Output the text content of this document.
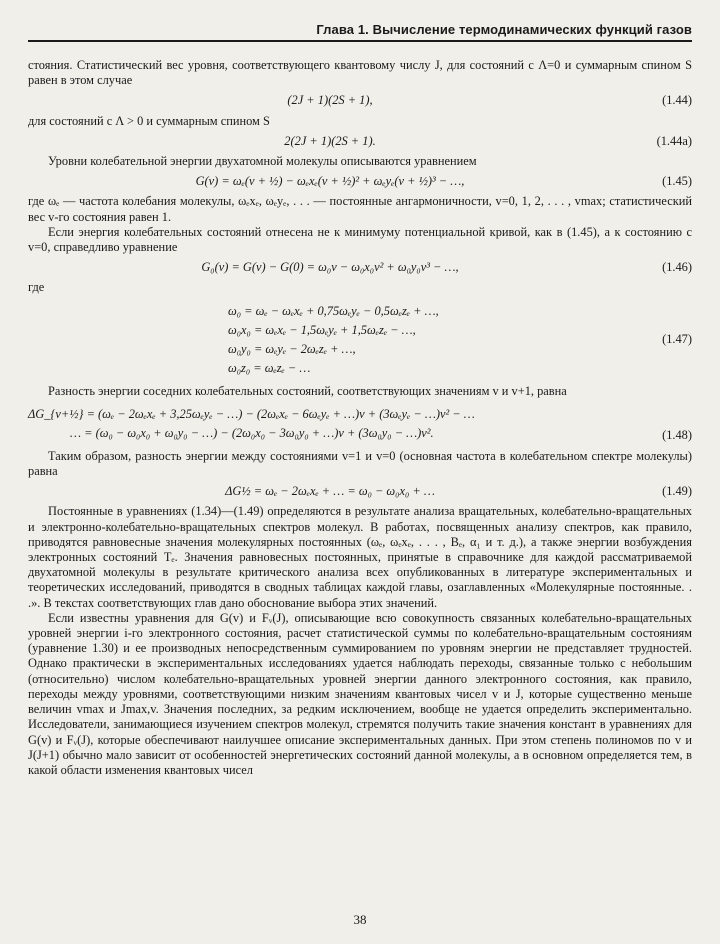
Глава 1. Вычисление термодинамических функций газов

стояния. Статистический вес уровня, соответствующего квантовому числу J, для состояний с Λ=0 и суммарным спином S равен в этом случае

(2J + 1)(2S + 1),	(1.44)

для состояний с Λ > 0 и суммарным спином S

2(2J + 1)(2S + 1).	(1.44a)

Уровни колебательной энергии двухатомной молекулы описываются уравнением

G(v) = ωₑ(v + ½) − ωₑxₑ(v + ½)² + ωₑyₑ(v + ½)³ − …,	(1.45)

где ωₑ — частота колебания молекулы, ωₑxₑ, ωₑyₑ, . . . — постоянные ангармоничности, v=0, 1, 2, . . . , vmax; статистический вес v-го состояния равен 1.

Если энергия колебательных состояний отнесена не к минимуму потенциальной кривой, как в (1.45), а к состоянию с v=0, справедливо уравнение

G₀(v) = G(v) − G(0) = ω₀v − ω₀x₀v² + ω₀y₀v³ − …,	(1.46)
где
ω₀ = ωₑ − ωₑxₑ + 0,75ωₑyₑ − 0,5ωₑzₑ + …,
ω₀x₀ = ωₑxₑ − 1,5ωₑyₑ + 1,5ωₑzₑ − …,
ω₀y₀ = ωₑyₑ − 2ωₑzₑ + …,
ω₀z₀ = ωₑzₑ − …
(1.47)

Разность энергии соседних колебательных состояний, соответствующих значениям v и v+1, равна

ΔG_{v+½} = (ωₑ − 2ωₑxₑ + 3,25ωₑyₑ − …) − (2ωₑxₑ − 6ωₑyₑ + …)v + (3ωₑyₑ − …)v² − …
… = (ω₀ − ω₀x₀ + ω₀y₀ − …) − (2ω₀x₀ − 3ω₀y₀ + …)v + (3ω₀y₀ − …)v².	(1.48)

Таким образом, разность энергии между состояниями v=1 и v=0 (основная частота в колебательном спектре молекулы) равна

ΔG½ = ωₑ − 2ωₑxₑ + … = ω₀ − ω₀x₀ + …	(1.49)

Постоянные в уравнениях (1.34)—(1.49) определяются в результате анализа вращательных, колебательно-вращательных и электронно-колебательно-вращательных спектров молекул. В работах, посвященных анализу спектров, как правило, приводятся равновесные значения молекулярных постоянных (ωₑ, ωₑxₑ, . . . , Bₑ, α₁ и т. д.), а также энергии возбуждения электронных состояний Tₑ. Значения равновесных постоянных, принятые в справочнике для каждой рассматриваемой двухатомной молекулы в результате критического анализа всех опубликованных в литературе экспериментальных и теоретических исследований, приводятся в сводных таблицах каждой главы, озаглавленных «Молекулярные постоянные. . .». В текстах соответствующих глав дано обоснование выбора этих значений.

Если известны уравнения для G(v) и Fᵥ(J), описывающие всю совокупность связанных колебательно-вращательных уровней энергии i-го электронного состояния, расчет статистической суммы по колебательно-вращательным состояниям (уравнение 1.30) и ее производных непосредственным суммированием по уровням энергии не представляет трудностей. Однако практически в экспериментальных исследованиях удается наблюдать переходы, связанные только с небольшим (относительно) числом колебательно-вращательных уровней энергии данного электронного состояния, как правило, переходы между уровнями, соответствующими низким значениям квантовых чисел v и J, которые существенно меньше величин vmax и Jmax,v. Значения последних, за редким исключением, вообще не удается определить экспериментально. Исследователи, занимающиеся изучением спектров молекул, стремятся получить такие значения констант в уравнениях для G(v) и Fᵥ(J), которые обеспечивают наилучшее описание экспериментальных данных. При этом степень полиномов по v и J(J+1) обычно мало зависит от особенностей энергетических состояний данной молекулы, а в основном определяется тем, в какой области изменения квантовых чисел

38
